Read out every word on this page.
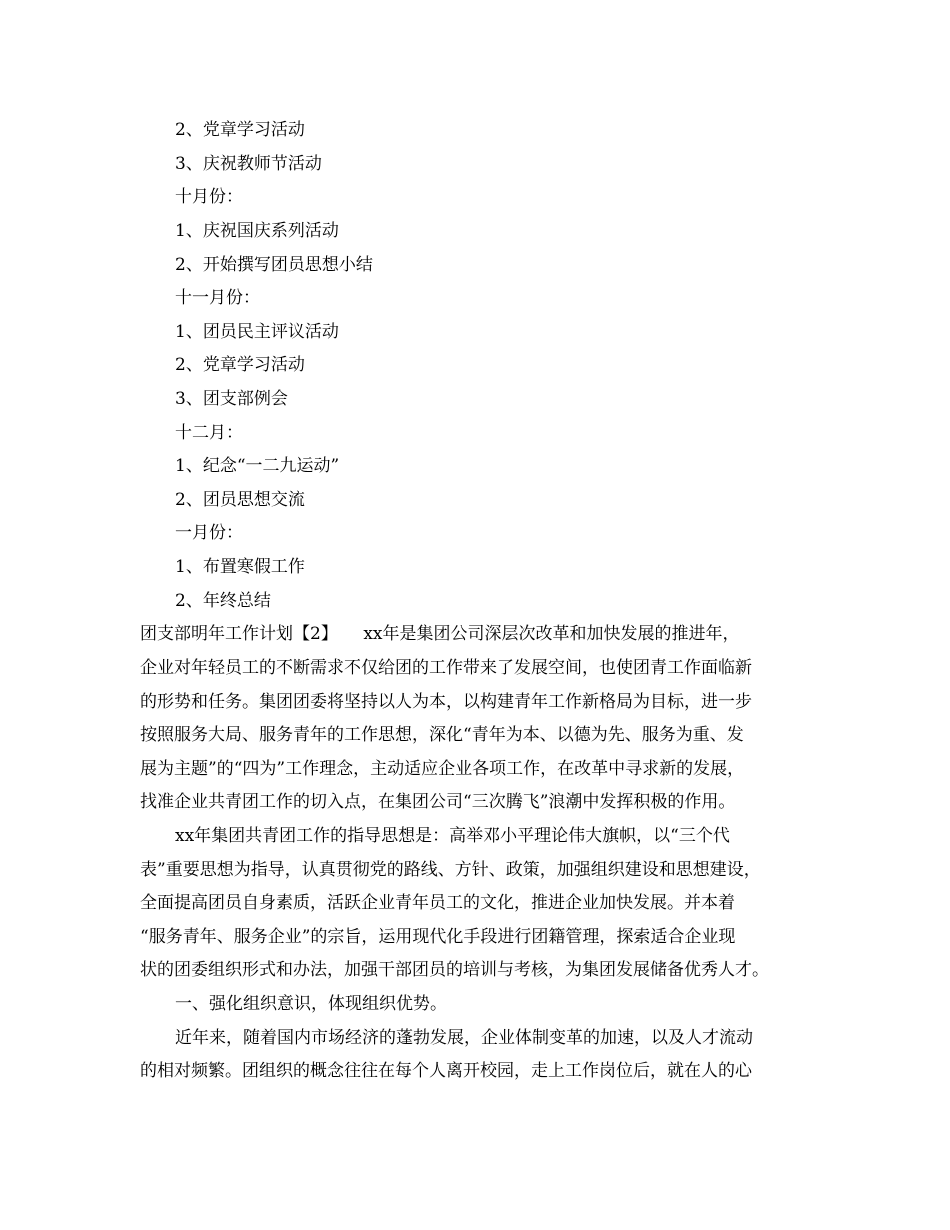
2、党章学习活动
3、庆祝教师节活动
十月份：
1、庆祝国庆系列活动
2、开始撰写团员思想小结
十一月份：
1、团员民主评议活动
2、党章学习活动
3、团支部例会
十二月：
1、纪念“一二九运动”
2、团员思想交流
一月份：
1、布置寒假工作
2、年终总结
团支部明年工作计划【2】　　xx年是集团公司深层次改革和加快发展的推进年，
企业对年轻员工的不断需求不仅给团的工作带来了发展空间，也使团青工作面临新
的形势和任务。集团团委将坚持以人为本，以构建青年工作新格局为目标，进一步
按照服务大局、服务青年的工作思想，深化“青年为本、以德为先、服务为重、发
展为主题”的“四为”工作理念，主动适应企业各项工作，在改革中寻求新的发展，
找准企业共青团工作的切入点，在集团公司“三次腾飞”浪潮中发挥积极的作用。
xx年集团共青团工作的指导思想是：高举邓小平理论伟大旗帜，以“三个代
表”重要思想为指导，认真贯彻党的路线、方针、政策，加强组织建设和思想建设，
全面提高团员自身素质，活跃企业青年员工的文化，推进企业加快发展。并本着
“服务青年、服务企业”的宗旨，运用现代化手段进行团籍管理，探索适合企业现
状的团委组织形式和办法，加强干部团员的培训与考核，为集团发展储备优秀人才。
一、强化组织意识，体现组织优势。
近年来，随着国内市场经济的蓬勃发展，企业体制变革的加速，以及人才流动
的相对频繁。团组织的概念往往在每个人离开校园，走上工作岗位后，就在人的心
